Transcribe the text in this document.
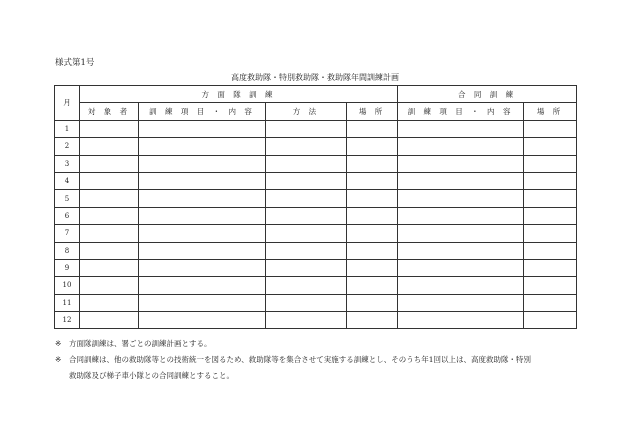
様式第1号
高度救助隊・特別救助隊・救助隊年間訓練計画
月	方 面 隊 訓 練				合 同 訓 練	
	対 象 者	訓 練 項 目 ・ 内 容	方 法	場 所	訓 練 項 目 ・ 内 容	場 所
1						
2						
3						
4						
5						
6						
7						
8						
9						
10						
11						
12						
※	方面隊訓練は、署ごとの訓練計画とする。
※	合同訓練は、他の救助隊等との技術統一を図るため、救助隊等を集合させて実施する訓練とし、そのうち年1回以上は、高度救助隊・特別
救助隊及び梯子車小隊との合同訓練とすること。
